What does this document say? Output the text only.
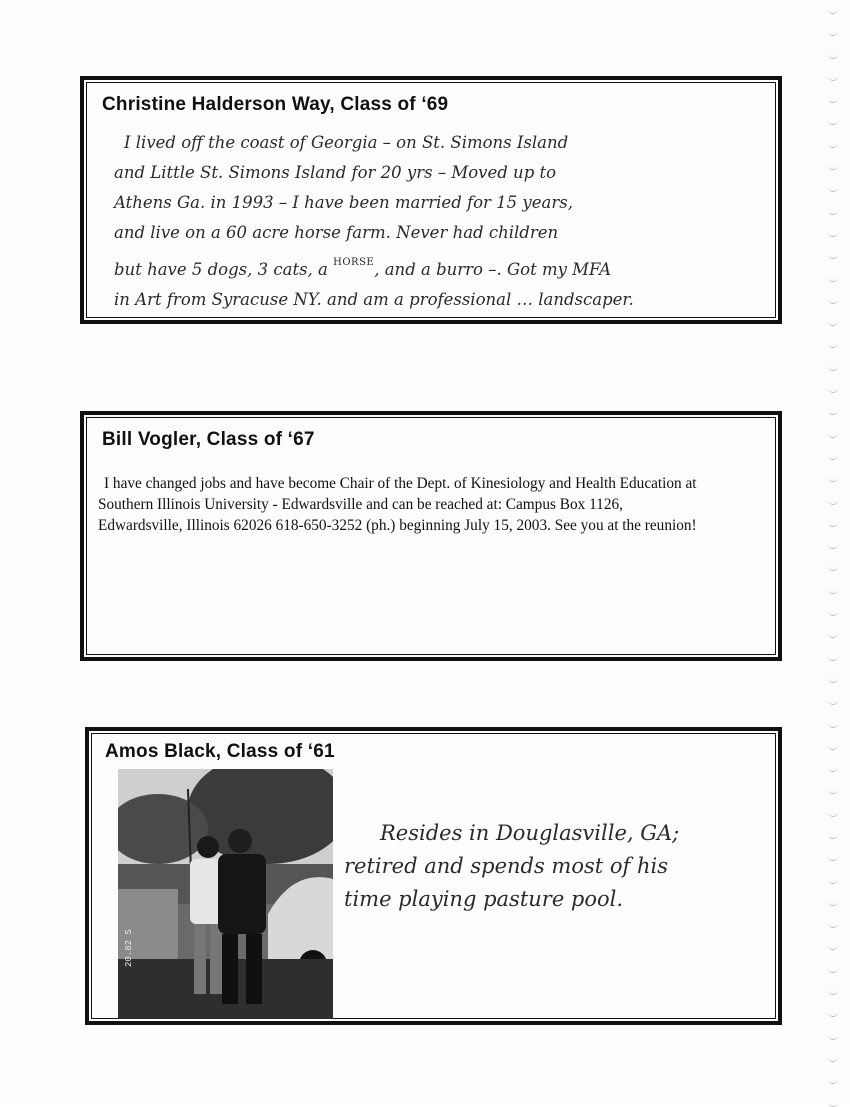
Christine Halderson Way, Class of ‘69

I lived off the coast of Georgia – on St. Simons Island

and Little St. Simons Island for 20 yrs – Moved up to

Athens Ga. in 1993 – I have been married for 15 years,

and live on a 60 acre horse farm. Never had children

but have 5 dogs, 3 cats, a $^{HORSE}$, and a burro –. Got my MFA

in Art from Syracuse NY. and am a professional … landscaper.

Bill Vogler, Class of ‘67

I have changed jobs and have become Chair of the Dept. of Kinesiology and Health Education at

Southern Illinois University - Edwardsville and can be reached at: Campus Box 1126,

Edwardsville, Illinois 62026 618-650-3252 (ph.) beginning July 15, 2003. See you at the reunion!

Amos Black, Class of ‘61
20.82 S

Resides in Douglasville, GA;

retired and spends most of his

time playing pasture pool.
